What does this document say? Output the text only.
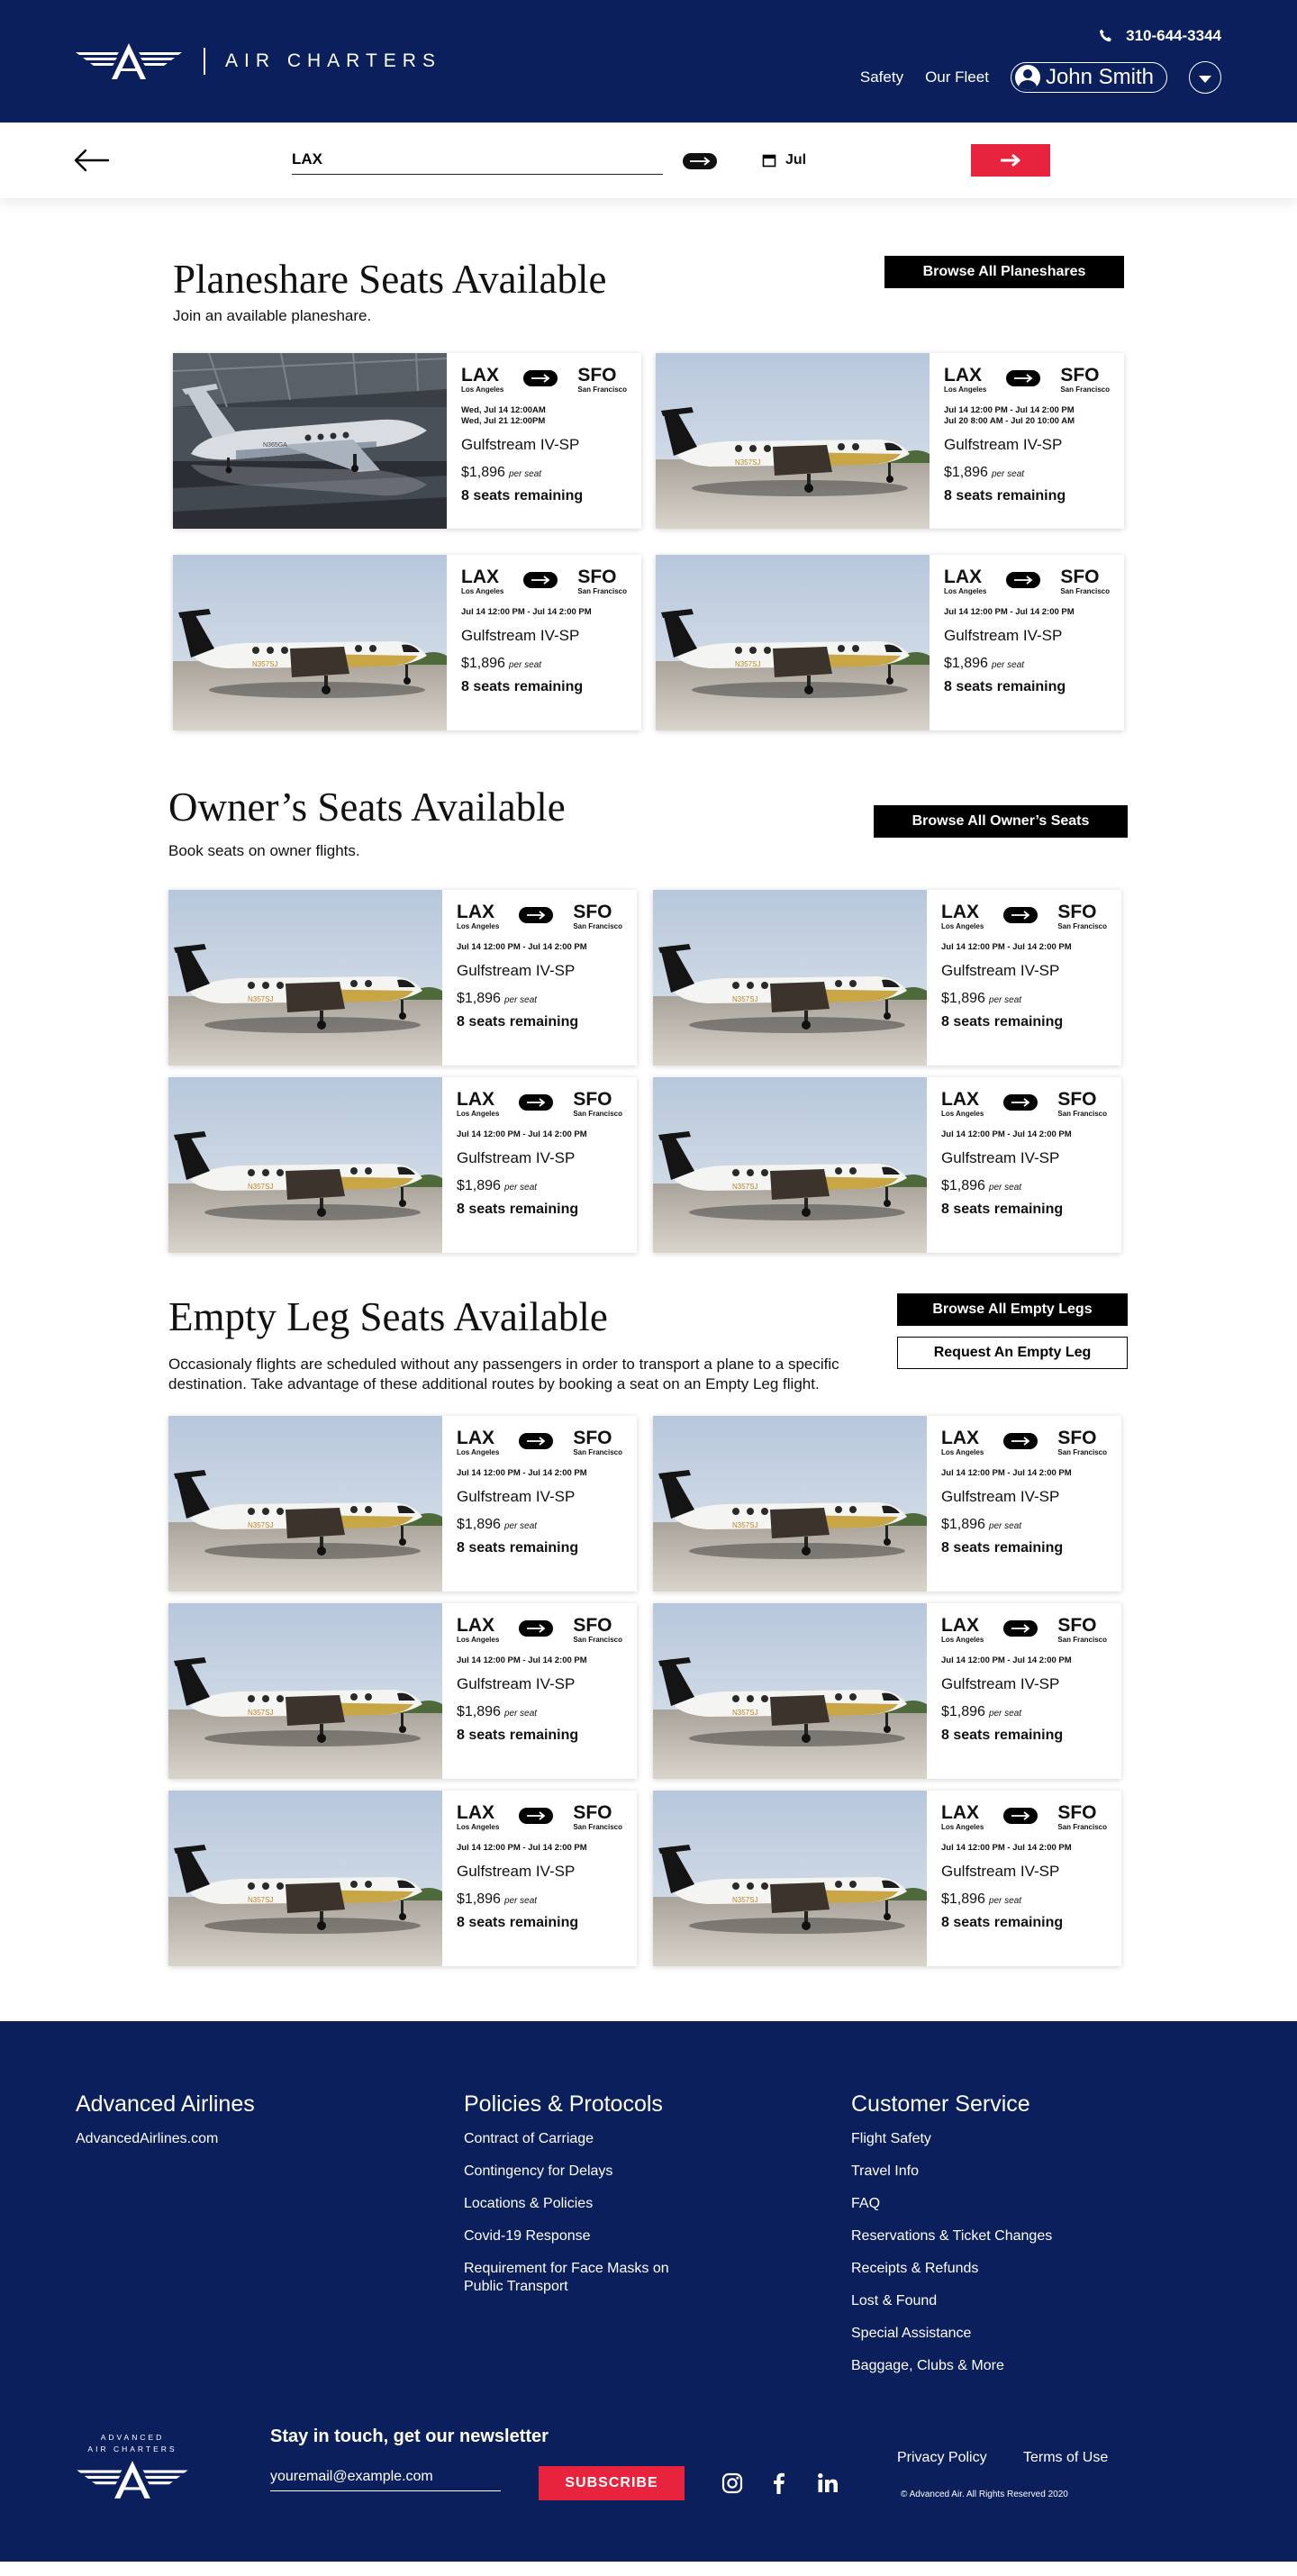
AIR CHARTERS
310-644-3344
Safety Our Fleet	John Smith
LAX
Jul
Planeshare Seats Available

Join an available planeshare.

Browse All Planeshares
N365GA
LAX
Los Angeles
SFO
San Francisco
Wed, Jul 14 12:00AM
Wed, Jul 21 12:00PM
Gulfstream IV-SP
$1,896 per seat
8 seats remaining
N357SJ
LAX
Los Angeles
SFO
San Francisco
Jul 14 12:00 PM - Jul 14 2:00 PM
Jul 20 8:00 AM - Jul 20 10:00 AM
Gulfstream IV-SP
$1,896 per seat
8 seats remaining
N357SJ
LAX
Los Angeles
SFO
San Francisco
Jul 14 12:00 PM - Jul 14 2:00 PM
Gulfstream IV-SP
$1,896 per seat
8 seats remaining
N357SJ
LAX
Los Angeles
SFO
San Francisco
Jul 14 12:00 PM - Jul 14 2:00 PM
Gulfstream IV-SP
$1,896 per seat
8 seats remaining
Owner’s Seats Available

Book seats on owner flights.

Browse All Owner’s Seats
N357SJ
LAX
Los Angeles
SFO
San Francisco
Jul 14 12:00 PM - Jul 14 2:00 PM
Gulfstream IV-SP
$1,896 per seat
8 seats remaining
N357SJ
LAX
Los Angeles
SFO
San Francisco
Jul 14 12:00 PM - Jul 14 2:00 PM
Gulfstream IV-SP
$1,896 per seat
8 seats remaining
N357SJ
LAX
Los Angeles
SFO
San Francisco
Jul 14 12:00 PM - Jul 14 2:00 PM
Gulfstream IV-SP
$1,896 per seat
8 seats remaining
N357SJ
LAX
Los Angeles
SFO
San Francisco
Jul 14 12:00 PM - Jul 14 2:00 PM
Gulfstream IV-SP
$1,896 per seat
8 seats remaining
Empty Leg Seats Available

Occasionaly flights are scheduled without any passengers in order to transport a plane to a specific
destination. Take advantage of these additional routes by booking a seat on an Empty Leg flight.

Browse All Empty Legs
Request An Empty Leg
N357SJ
LAX
Los Angeles
SFO
San Francisco
Jul 14 12:00 PM - Jul 14 2:00 PM
Gulfstream IV-SP
$1,896 per seat
8 seats remaining
N357SJ
LAX
Los Angeles
SFO
San Francisco
Jul 14 12:00 PM - Jul 14 2:00 PM
Gulfstream IV-SP
$1,896 per seat
8 seats remaining
N357SJ
LAX
Los Angeles
SFO
San Francisco
Jul 14 12:00 PM - Jul 14 2:00 PM
Gulfstream IV-SP
$1,896 per seat
8 seats remaining
N357SJ
LAX
Los Angeles
SFO
San Francisco
Jul 14 12:00 PM - Jul 14 2:00 PM
Gulfstream IV-SP
$1,896 per seat
8 seats remaining
N357SJ
LAX
Los Angeles
SFO
San Francisco
Jul 14 12:00 PM - Jul 14 2:00 PM
Gulfstream IV-SP
$1,896 per seat
8 seats remaining
N357SJ
LAX
Los Angeles
SFO
San Francisco
Jul 14 12:00 PM - Jul 14 2:00 PM
Gulfstream IV-SP
$1,896 per seat
8 seats remaining
Advanced Airlines
AdvancedAirlines.com
Policies & Protocols
Contract of Carriage
Contingency for Delays
Locations & Policies
Covid-19 Response
Requirement for Face Masks on Public Transport
Customer Service
Flight Safety
Travel Info
FAQ
Reservations & Ticket Changes
Receipts & Refunds
Lost & Found
Special Assistance
Baggage, Clubs & More
ADVANCED
AIR CHARTERS
Stay in touch, get our newsletter
youremail@example.com
SUBSCRIBE
Privacy Policy	Terms of Use
© Advanced Air. All Rights Reserved 2020
